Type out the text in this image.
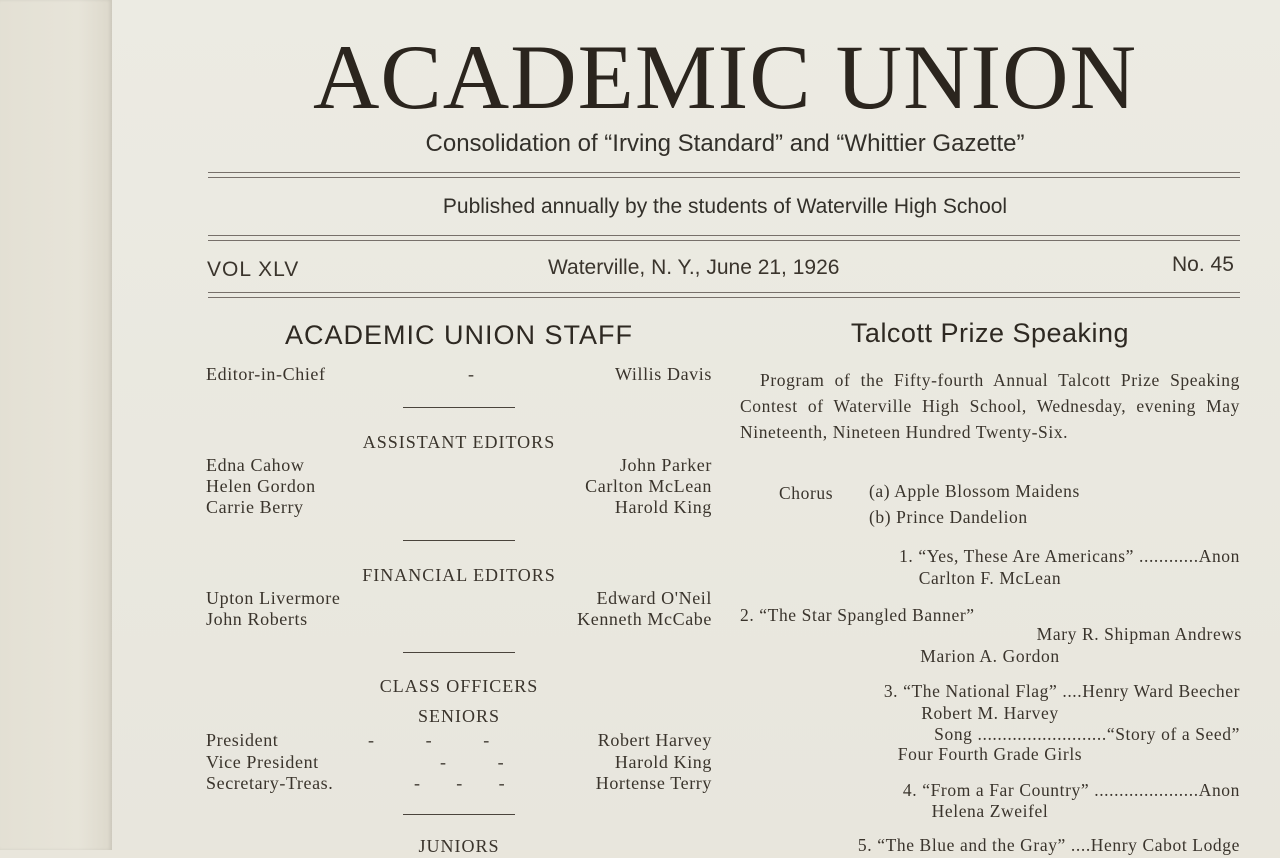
ACADEMIC UNION
Consolidation of “Irving Standard” and “Whittier Gazette”
Published annually by the students of Waterville High School
VOL XLV	Waterville, N. Y., June 21, 1926	No. 45
ACADEMIC UNION STAFF
Editor-in-Chief	-	Willis Davis
ASSISTANT EDITORS
Edna Cahow	John Parker
Helen Gordon	Carlton McLean
Carrie Berry	Harold King
FINANCIAL EDITORS
Upton Livermore	Edward O'Neil
John Roberts	Kenneth McCabe
CLASS OFFICERS
SENIORS
President	-          -          -	Robert Harvey
Vice President	-          -	Harold King
Secretary-Treas.	-       -       -	Hortense Terry
JUNIORS
Talcott Prize Speaking
Program of the Fifty-fourth Annual Talcott Prize Speaking Contest of Waterville High School, Wednesday, evening May Nineteenth, Nineteen Hundred Twenty-Six.
Chorus (a) Apple Blossom Maidens
(b) Prince Dandelion
1. “Yes, These Are Americans” ............Anon
Carlton F. McLean
2. “The Star Spangled Banner”
Mary R. Shipman Andrews
Marion A. Gordon
3. “The National Flag” ....Henry Ward Beecher
Robert M. Harvey
Song ..........................“Story of a Seed”
Four Fourth Grade Girls
4. “From a Far Country” .....................Anon
Helena Zweifel
5. “The Blue and the Gray” ....Henry Cabot Lodge
